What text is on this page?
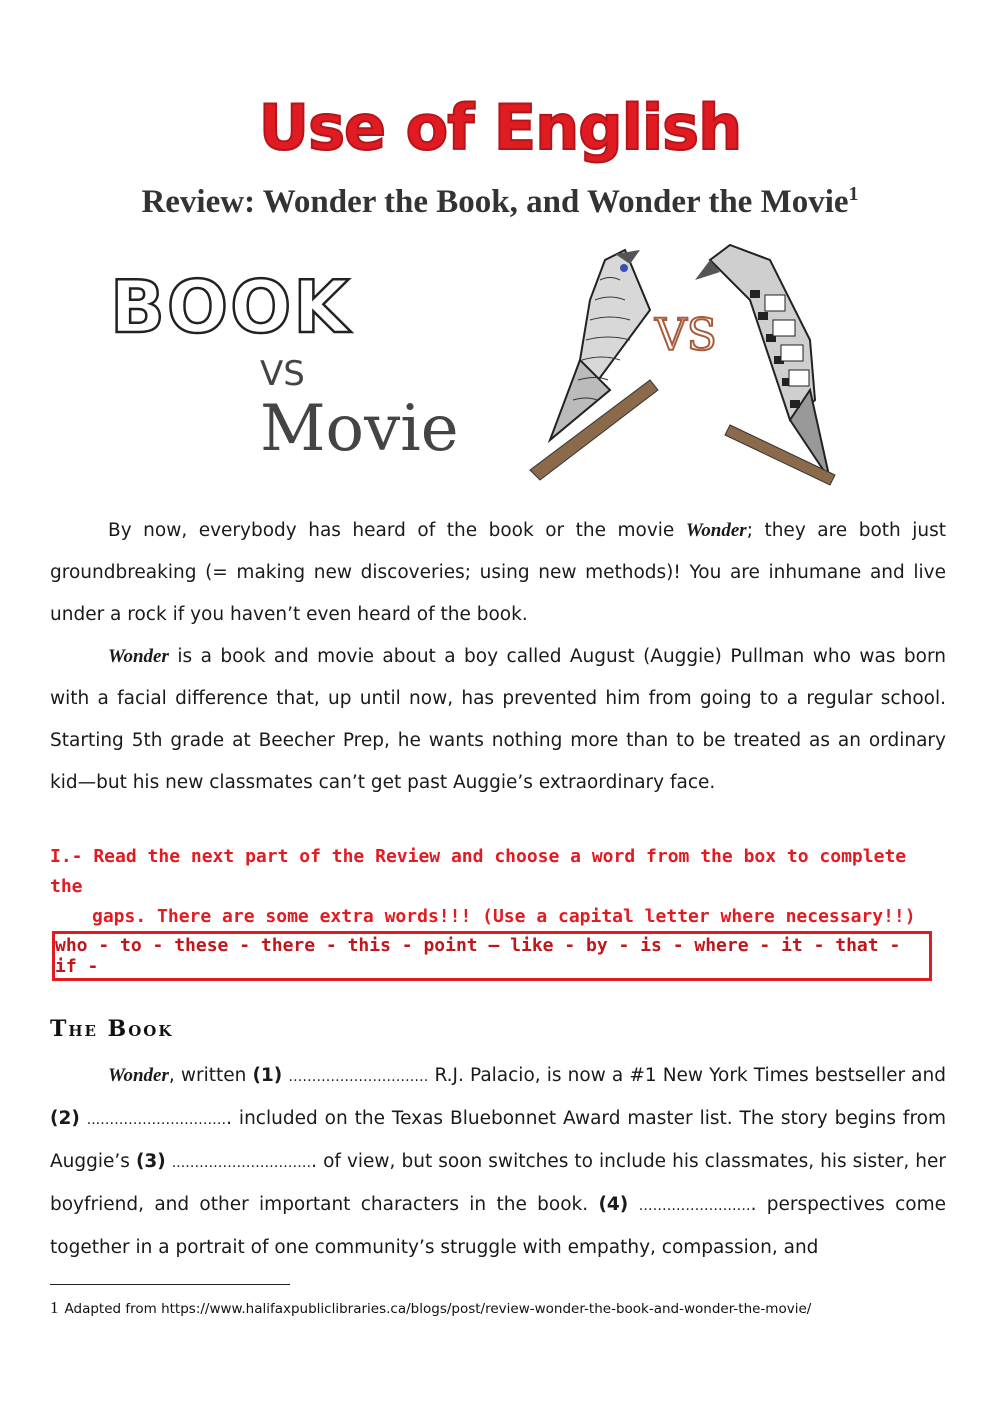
Use of English
Review: Wonder the Book, and Wonder the Movie$^1$
BOOK
VS
Movie
VS
By now, everybody has heard of the book or the movie Wonder; they are both just groundbreaking (= making new discoveries; using new methods)! You are inhumane and live under a rock if you haven’t even heard of the book.
Wonder is a book and movie about a boy called August (Auggie) Pullman who was born with a facial difference that, up until now, has prevented him from going to a regular school. Starting 5th grade at Beecher Prep, he wants nothing more than to be treated as an ordinary kid—but his new classmates can’t get past Auggie’s extraordinary face.
I.- Read the next part of the Review and choose a word from the box to complete the
gaps. There are some extra words!!! (Use a capital letter where necessary!!)
who - to - these - there - this - point – like - by - is - where - it - that - if -
The Book
Wonder, written (1) ………………………… R.J. Palacio, is now a #1 New York Times bestseller and (2) ...………………………. included on the Texas Bluebonnet Award master list. The story begins from Auggie’s (3) ...………………………. of view, but soon switches to include his classmates, his sister, her boyfriend, and other important characters in the book. (4) ……………………. perspectives come together in a portrait of one community’s struggle with empathy, compassion, and
1 Adapted from https://www.halifaxpubliclibraries.ca/blogs/post/review-wonder-the-book-and-wonder-the-movie/
